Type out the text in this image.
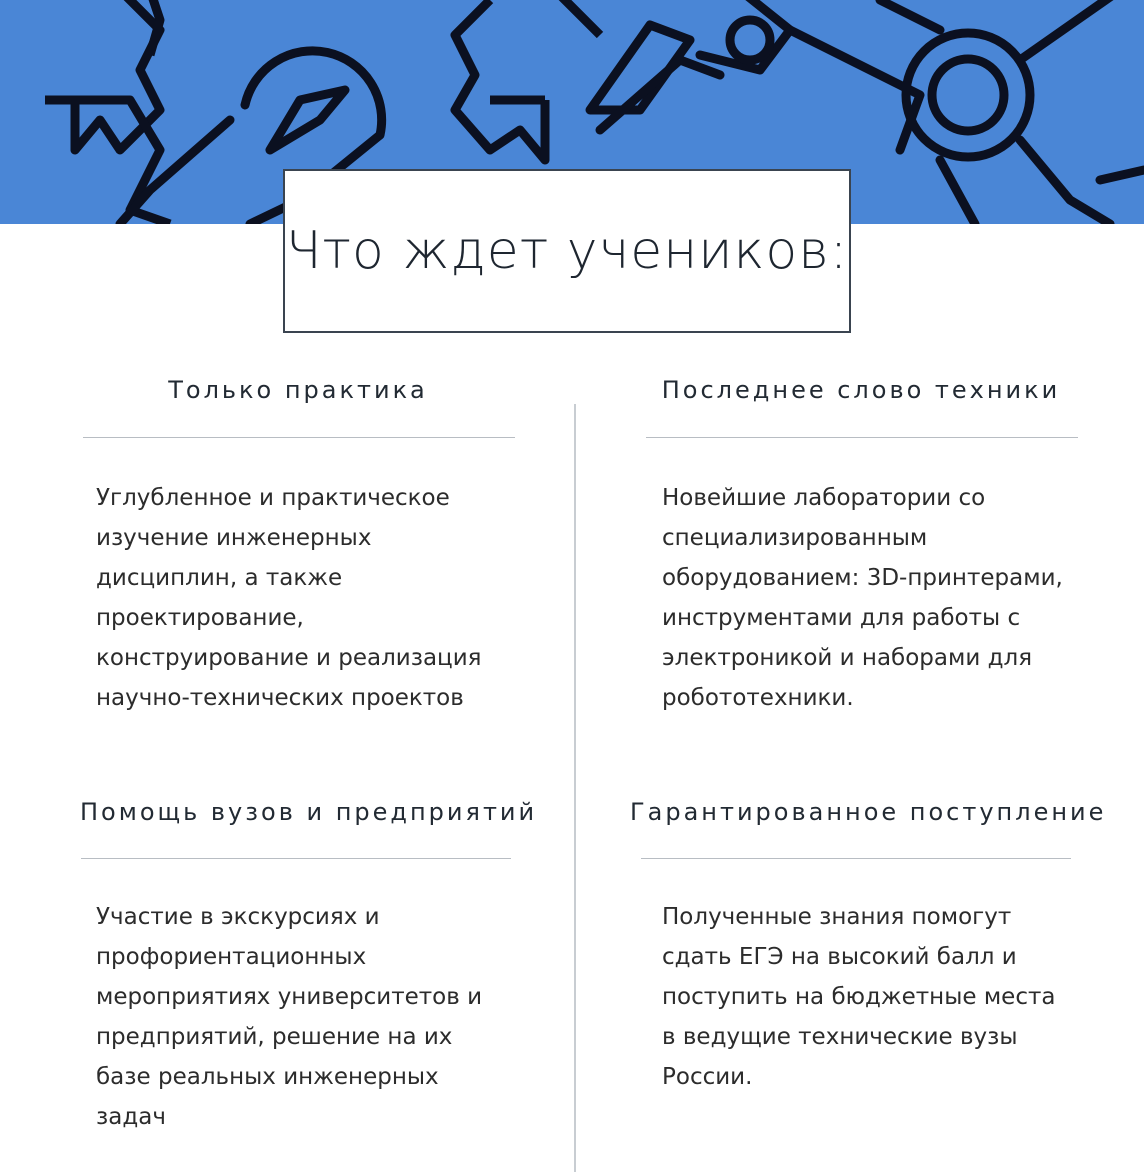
Что ждет учеников:
Только практика

Углубленное и практическое
изучение инженерных
дисциплин, а также
проектирование,
конструирование и реализация
научно-технических проектов

Последнее слово техники

Новейшие лаборатории со
специализированным
оборудованием: 3D-принтерами,
инструментами для работы с
электроникой и наборами для
робототехники.

Помощь вузов и предприятий

Участие в экскурсиях и
профориентационных
мероприятиях университетов и
предприятий, решение на их
базе реальных инженерных
задач

Гарантированное поступление

Полученные знания помогут
сдать ЕГЭ на высокий балл и
поступить на бюджетные места
в ведущие технические вузы
России.
